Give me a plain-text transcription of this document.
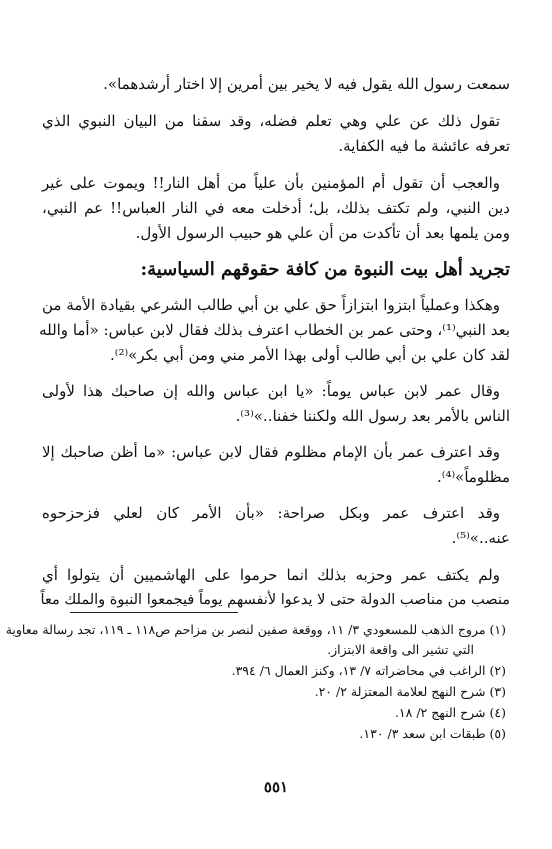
سمعت رسول الله يقول فيه لا يخير بين أمرين إلا اختار أرشدهما».
تقول ذلك عن علي وهي تعلم فضله، وقد سقنا من البيان النبوي الذي
تعرفه عائشة ما فيه الكفاية.
والعجب أن تقول أم المؤمنين بأن علياً من أهل النار!! ويموت على غير
دين النبي، ولم تكتف بذلك، بل؛ أدخلت معه في النار العباس!! عم النبي،
ومن يلمها بعد أن تأكدت من أن علي هو حبيب الرسول الأول.
تجريد أهل بيت النبوة من كافة حقوقهم السياسية:
وهكذا وعملياً ابتزوا ابتزازاً حق علي بن أبي طالب الشرعي بقيادة الأمة من
بعد النبي⁽¹⁾، وحتى عمر بن الخطاب اعترف بذلك فقال لابن عباس: «أما والله
لقد كان علي بن أبي طالب أولى بهذا الأمر مني ومن أبي بكر»⁽²⁾.
وقال عمر لابن عباس يوماً: «يا ابن عباس والله إن صاحبك هذا لأولى
الناس بالأمر بعد رسول الله ولكننا خفنا..»⁽³⁾.
وقد اعترف عمر بأن الإمام مظلوم فقال لابن عباس: «ما أظن صاحبك إلا
مظلوماً»⁽⁴⁾.
وقد اعترف عمر وبكل صراحة: «بأن الأمر كان لعلي فزحزحوه
عنه..»⁽⁵⁾.
ولم يكتف عمر وحزبه بذلك انما حرموا على الهاشميين أن يتولوا أي
منصب من مناصب الدولة حتى لا يدعوا لأنفسهم يوماً فيجمعوا النبوة والملك معاً
(١) مروج الذهب للمسعودي ٣/ ١١، ووقعة صفين لنصر بن مزاحم ص١١٨ ـ ١١٩، تجد رسالة معاوية
التي تشير الى واقعة الابتزاز.
(٢) الراغب في محاضراته ٧/ ١٣، وكنز العمال ٦/ ٣٩٤.
(٣) شرح النهج لعلامة المعتزلة ٢/ ٢٠.
(٤) شرح النهج ٢/ ١٨.
(٥) طبقات ابن سعد ٣/ ١٣٠.
٥٥١
